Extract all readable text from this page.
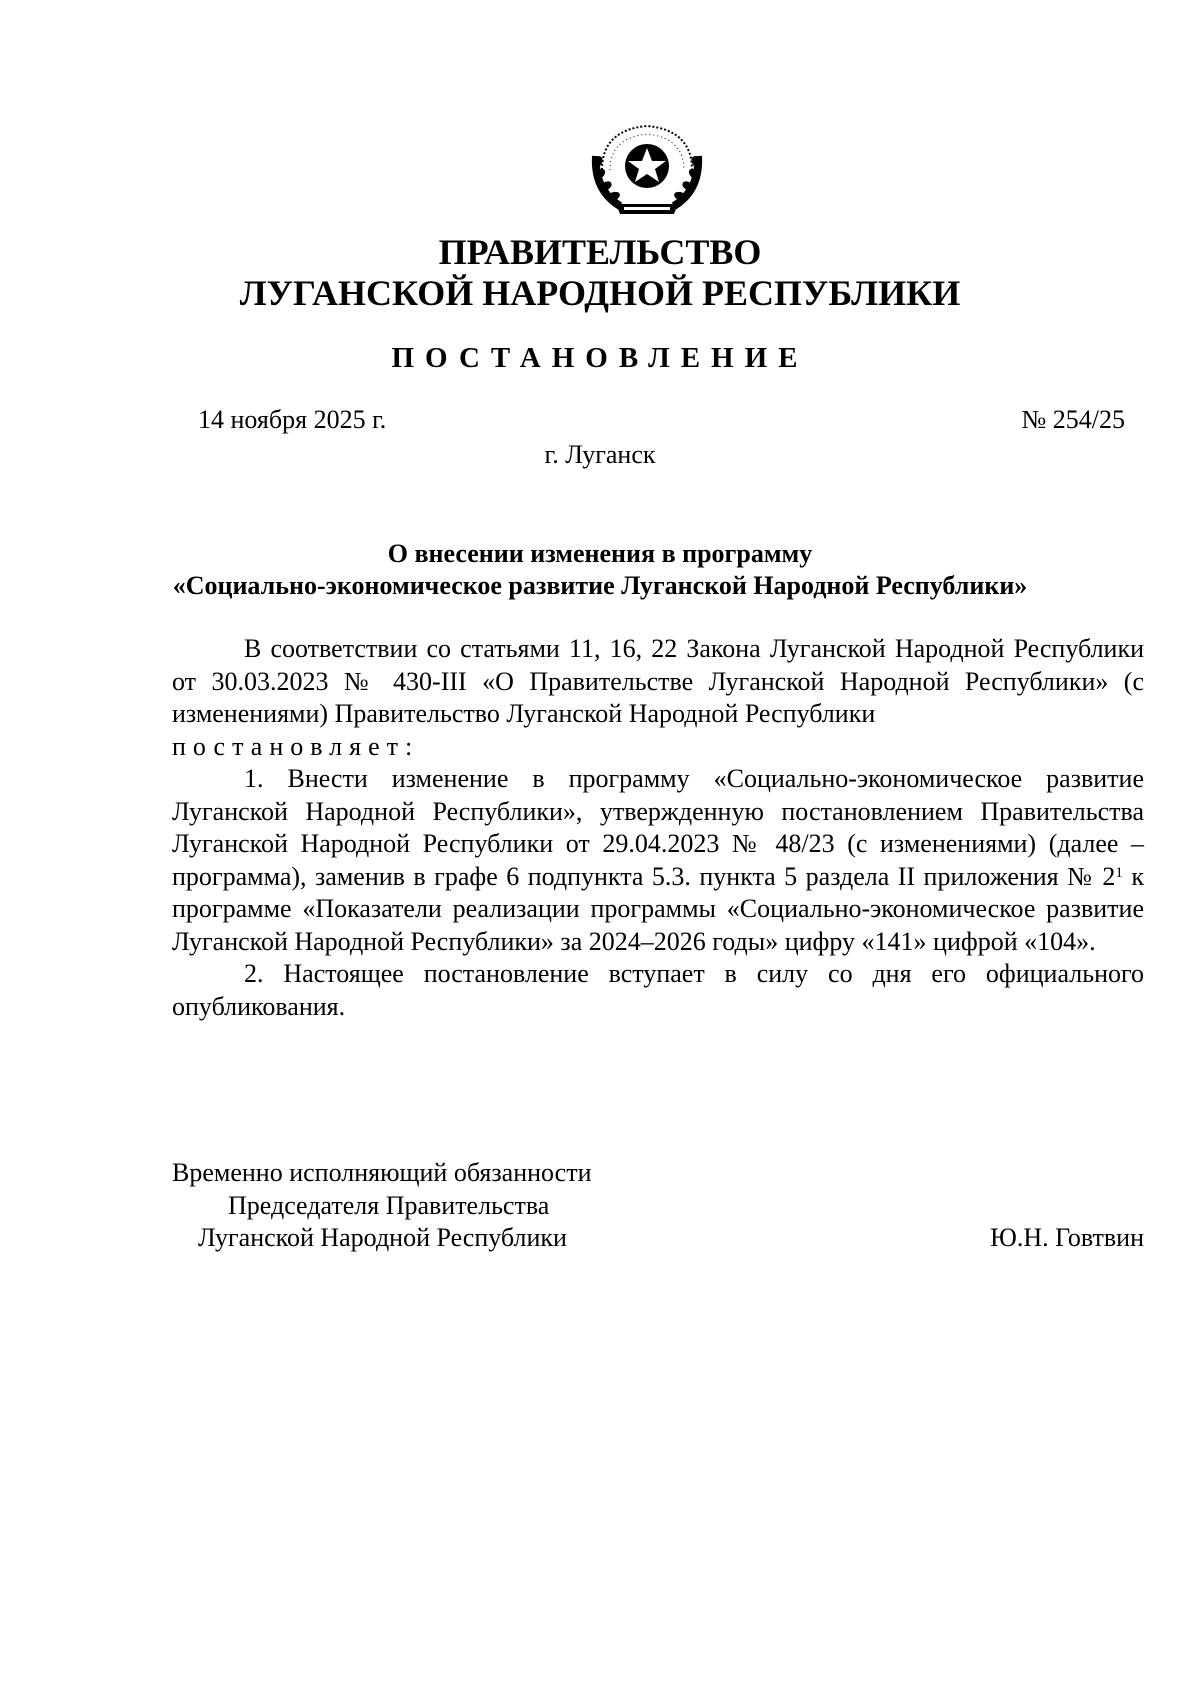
ПРАВИТЕЛЬСТВО
ЛУГАНСКОЙ НАРОДНОЙ РЕСПУБЛИКИ
ПОСТАНОВЛЕНИЕ
14 ноября 2025 г.	№ 254/25
г. Луганск
О внесении изменения в программу
«Социально-экономическое развитие Луганской Народной Республики»

В соответствии со статьями 11, 16, 22 Закона Луганской Народной Республики от 30.03.2023 № 430-III «О Правительстве Луганской Народной Республики» (с изменениями) Правительство Луганской Народной Республики

постановляет:

1. Внести изменение в программу «Социально-экономическое развитие Луганской Народной Республики», утвержденную постановлением Правительства Луганской Народной Республики от 29.04.2023 № 48/23 (с изменениями) (далее – программа), заменив в графе 6 подпункта 5.3. пункта 5 раздела II приложения № $2^1$ к программе «Показатели реализации программы «Социально-экономическое развитие Луганской Народной Республики» за 2024–2026 годы» цифру «141» цифрой «104».

2. Настоящее постановление вступает в силу со дня его официального опубликования.

Временно исполняющий обязанности
Председателя Правительства
Луганской Народной Республики	Ю.Н. Говтвин
